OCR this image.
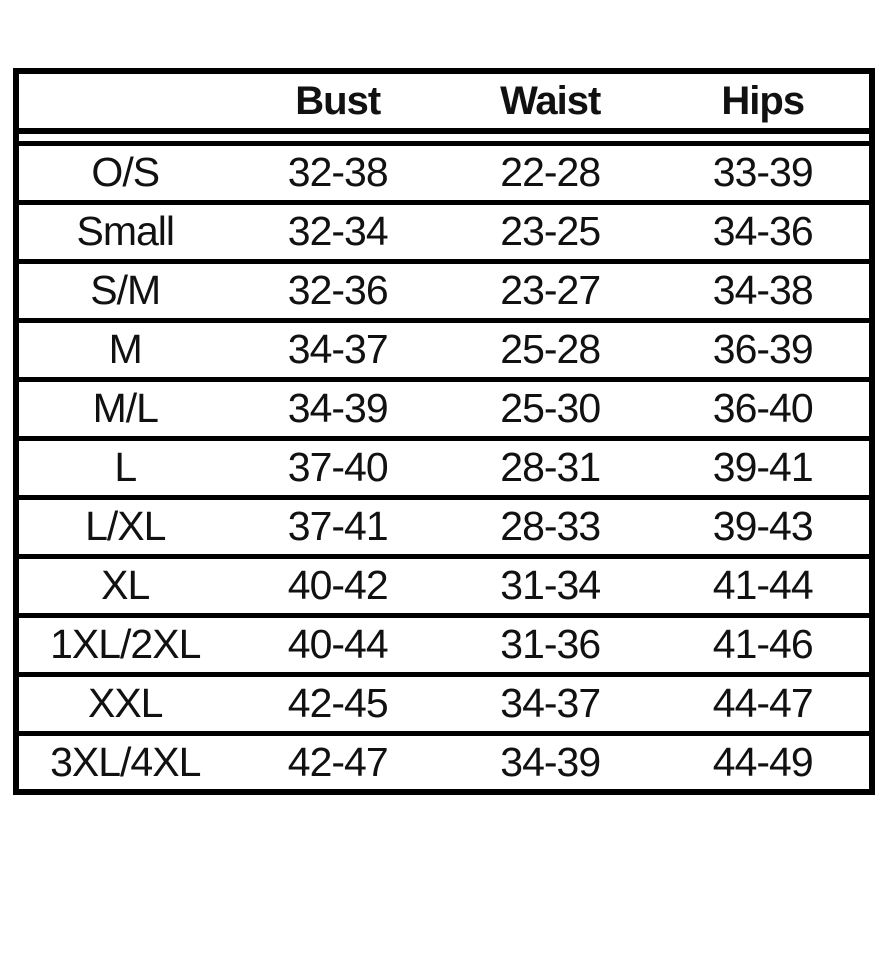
	Bust	Waist	Hips

O/S	32-38	22-28	33-39
Small	32-34	23-25	34-36
S/M	32-36	23-27	34-38
M	34-37	25-28	36-39
M/L	34-39	25-30	36-40
L	37-40	28-31	39-41
L/XL	37-41	28-33	39-43
XL	40-42	31-34	41-44
1XL/2XL	40-44	31-36	41-46
XXL	42-45	34-37	44-47
3XL/4XL	42-47	34-39	44-49
